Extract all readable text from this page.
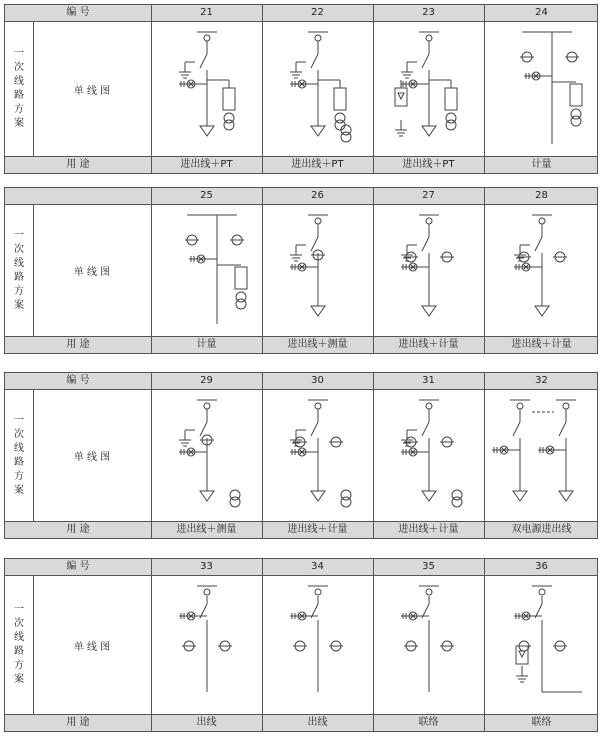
编 号	21	22	23	24
用 途	进出线＋PT	进出线＋PT	进出线＋PT	计量
一次线路方案
单 线 图
25	26	27	28
用 途	计量	进出线＋测量	进出线＋计量	进出线＋计量
一次线路方案
单 线 图
编 号	29	30	31	32
用 途	进出线＋测量	进出线＋计量	进出线＋计量	双电源进出线
一次线路方案
单 线 图
编 号	33	34	35	36
用 途	出线	出线	联络	联络
一次线路方案
单 线 图
